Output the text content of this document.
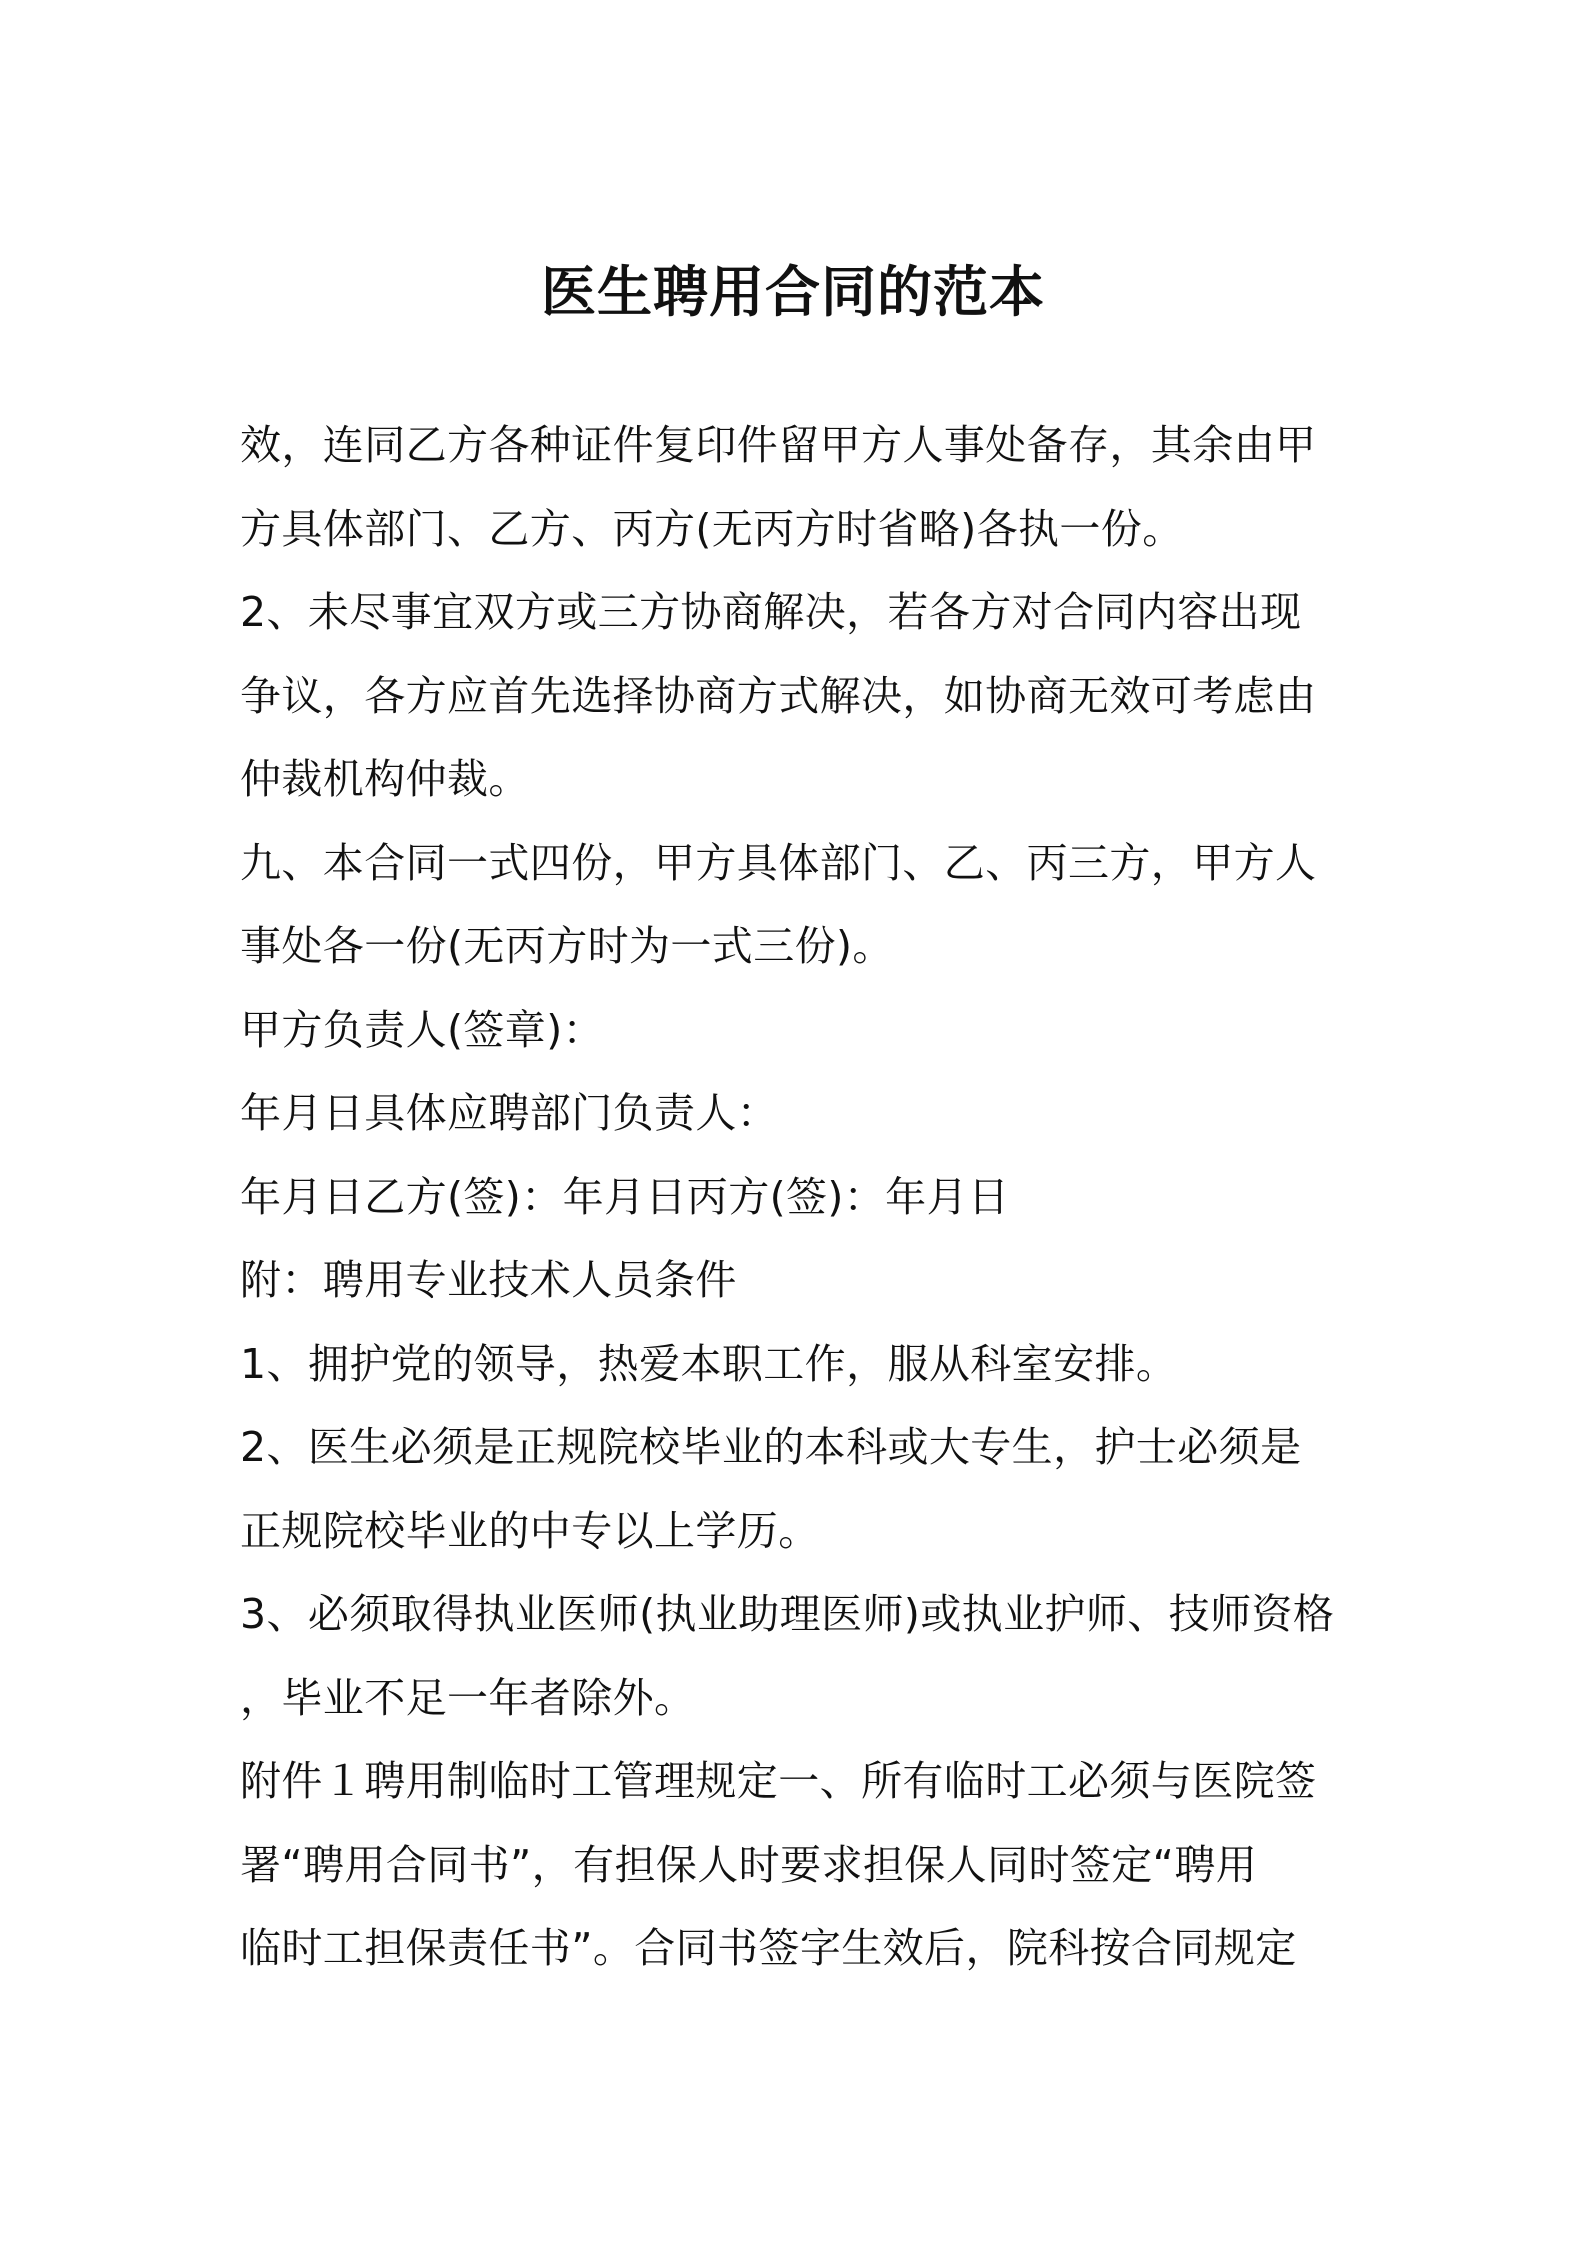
医生聘用合同的范本
效，连同乙方各种证件复印件留甲方人事处备存，其余由甲
方具体部门、乙方、丙方(无丙方时省略)各执一份。
2、未尽事宜双方或三方协商解决，若各方对合同内容出现
争议，各方应首先选择协商方式解决，如协商无效可考虑由
仲裁机构仲裁。
九、本合同一式四份，甲方具体部门、乙、丙三方，甲方人
事处各一份(无丙方时为一式三份)。
甲方负责人(签章)：
年月日具体应聘部门负责人：
年月日乙方(签)：年月日丙方(签)：年月日
附：聘用专业技术人员条件
1、拥护党的领导，热爱本职工作，服从科室安排。
2、医生必须是正规院校毕业的本科或大专生，护士必须是
正规院校毕业的中专以上学历。
3、必须取得执业医师(执业助理医师)或执业护师、技师资格
，毕业不足一年者除外。
附件１聘用制临时工管理规定一、所有临时工必须与医院签
署“聘用合同书”，有担保人时要求担保人同时签定“聘用
临时工担保责任书”。合同书签字生效后，院科按合同规定
